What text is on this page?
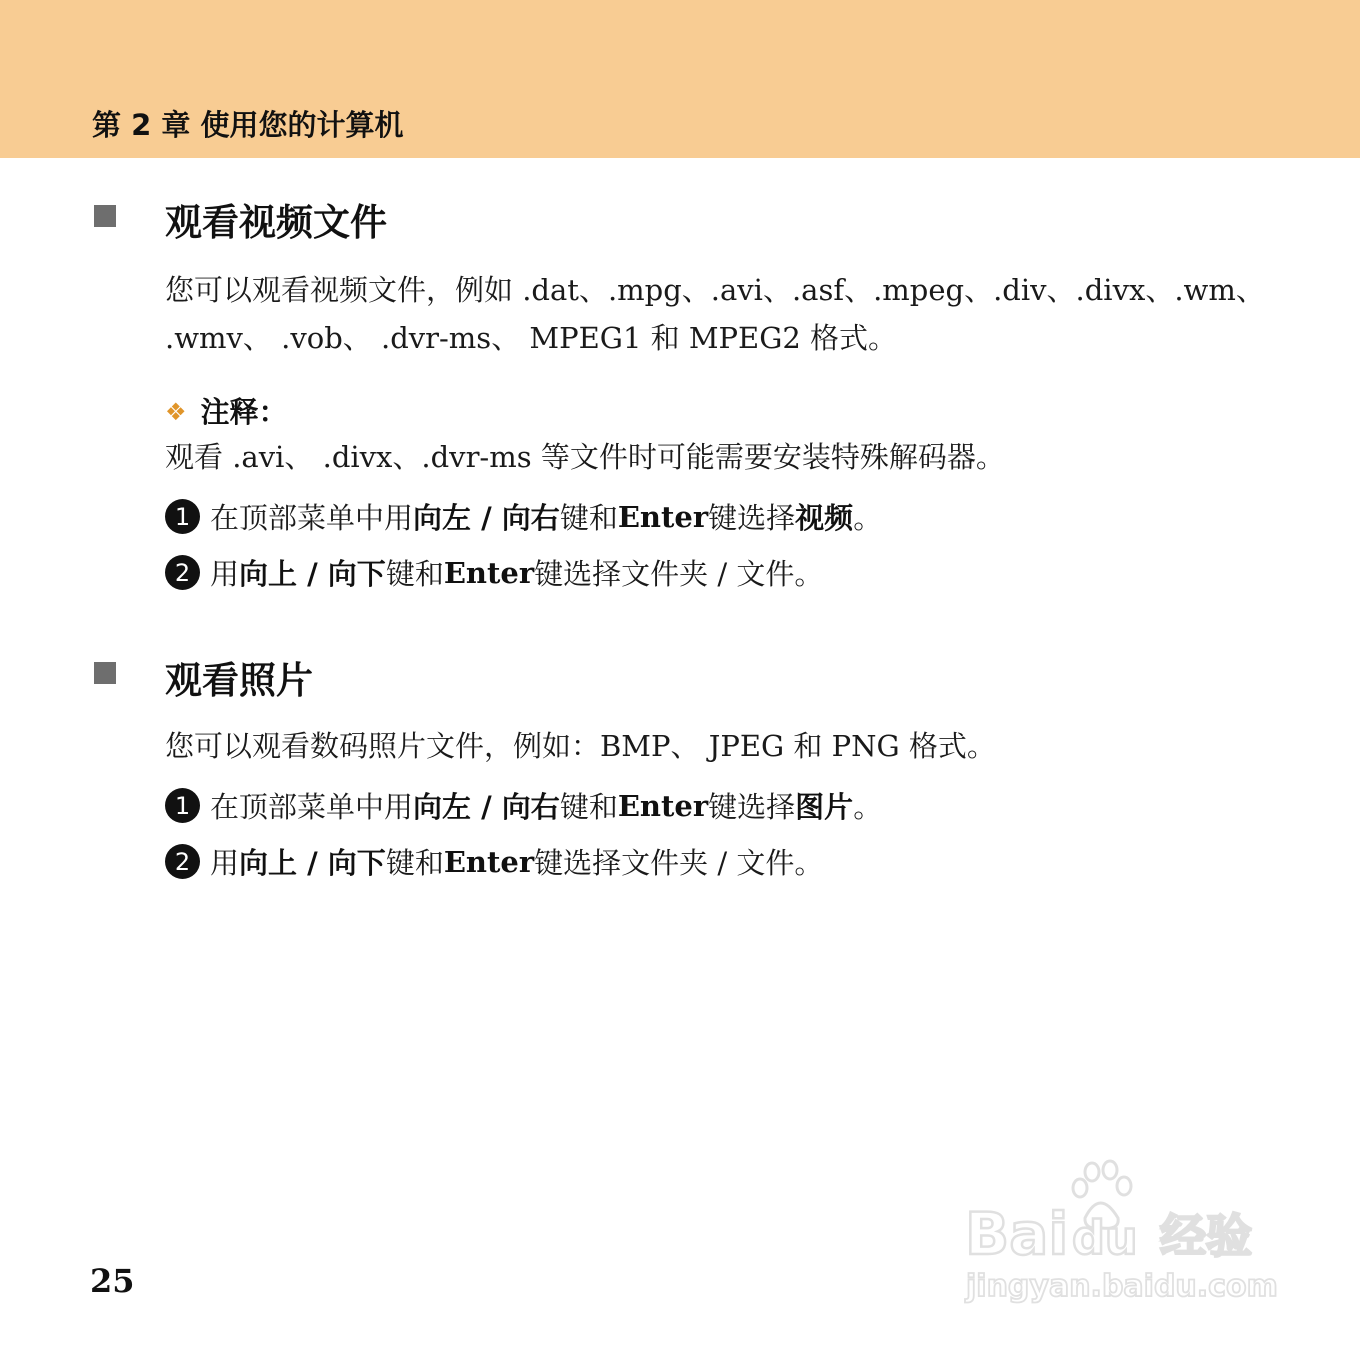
第 2 章 使用您的计算机
观看视频文件
您可以观看视频文件，例如 .dat、.mpg、.avi、.asf、.mpeg、.div、.divx、.wm、
.wmv、 .vob、 .dvr-ms、 MPEG1 和 MPEG2 格式。
❖ 注释：
观看 .avi、 .divx、.dvr-ms 等文件时可能需要安装特殊解码器。
1 在顶部菜单中用 向左 / 向右 键和 Enter 键选择 视频 。
2 用 向上 / 向下 键和 Enter 键选择文件夹 / 文件。
观看照片
您可以观看数码照片文件，例如：BMP、 JPEG 和 PNG 格式。
1 在顶部菜单中用 向左 / 向右 键和 Enter 键选择 图片 。
2 用 向上 / 向下 键和 Enter 键选择文件夹 / 文件。
25
Bai du 经验
jingyan.baidu.com
